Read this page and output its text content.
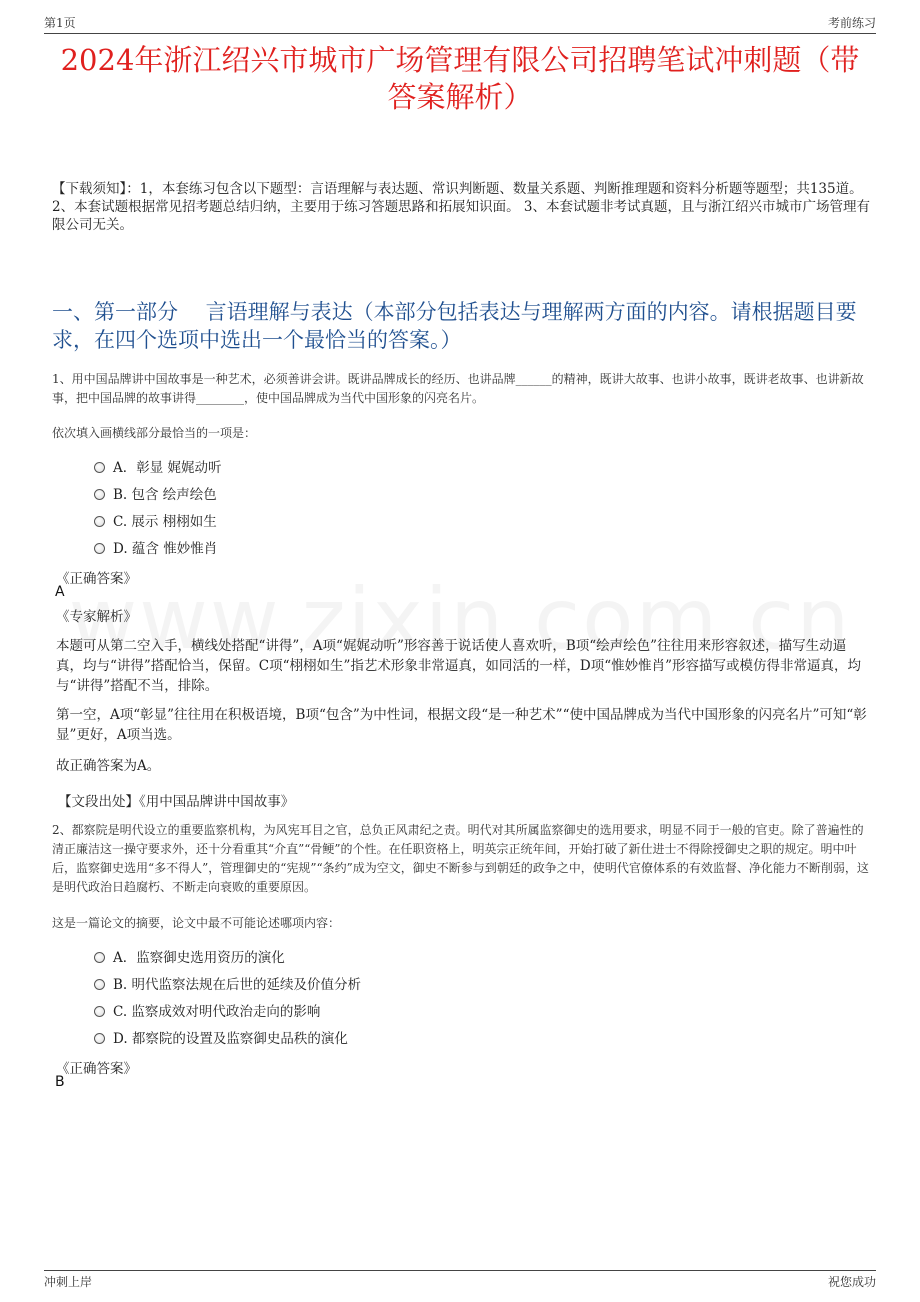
第1页	考前练习
2024年浙江绍兴市城市广场管理有限公司招聘笔试冲刺题（带
答案解析）
【下载须知】：1，本套练习包含以下题型：言语理解与表达题、常识判断题、数量关系题、判断推理题和资料分析题等题型；共135道。 2、本套试题根据常见招考题总结归纳，主要用于练习答题思路和拓展知识面。 3、本套试题非考试真题，且与浙江绍兴市城市广场管理有限公司无关。
一、第一部分　 言语理解与表达（本部分包括表达与理解两方面的内容。请根据题目要求，在四个选项中选出一个最恰当的答案。）
1、用中国品牌讲中国故事是一种艺术，必须善讲会讲。既讲品牌成长的经历、也讲品牌______的精神，既讲大故事、也讲小故事，既讲老故事、也讲新故事，把中国品牌的故事讲得________，使中国品牌成为当代中国形象的闪亮名片。
依次填入画横线部分最恰当的一项是：
A．彰显 娓娓动听
B. 包含 绘声绘色
C. 展示 栩栩如生
D. 蕴含 惟妙惟肖
《正确答案》
A
《专家解析》
本题可从第二空入手，横线处搭配“讲得”，A项“娓娓动听”形容善于说话使人喜欢听，B项“绘声绘色”往往用来形容叙述，描写生动逼真，均与“讲得”搭配恰当，保留。C项“栩栩如生”指艺术形象非常逼真，如同活的一样，D项“惟妙惟肖”形容描写或模仿得非常逼真，均与“讲得”搭配不当，排除。
第一空，A项“彰显”往往用在积极语境，B项“包含”为中性词，根据文段“是一种艺术”“使中国品牌成为当代中国形象的闪亮名片”可知“彰显”更好，A项当选。
故正确答案为A。
【文段出处】《用中国品牌讲中国故事》
2、都察院是明代设立的重要监察机构，为风宪耳目之官，总负正风肃纪之责。明代对其所属监察御史的选用要求，明显不同于一般的官吏。除了普遍性的清正廉洁这一操守要求外，还十分看重其“介直”“骨鲠”的个性。在任职资格上，明英宗正统年间，开始打破了新仕进士不得除授御史之职的规定。明中叶后，监察御史选用“多不得人”，管理御史的“宪规”“条约”成为空文，御史不断参与到朝廷的政争之中，使明代官僚体系的有效监督、净化能力不断削弱，这是明代政治日趋腐朽、不断走向衰败的重要原因。
这是一篇论文的摘要，论文中最不可能论述哪项内容：
A．监察御史选用资历的演化
B. 明代监察法规在后世的延续及价值分析
C. 监察成效对明代政治走向的影响
D. 都察院的设置及监察御史品秩的演化
《正确答案》
B
冲刺上岸	祝您成功
